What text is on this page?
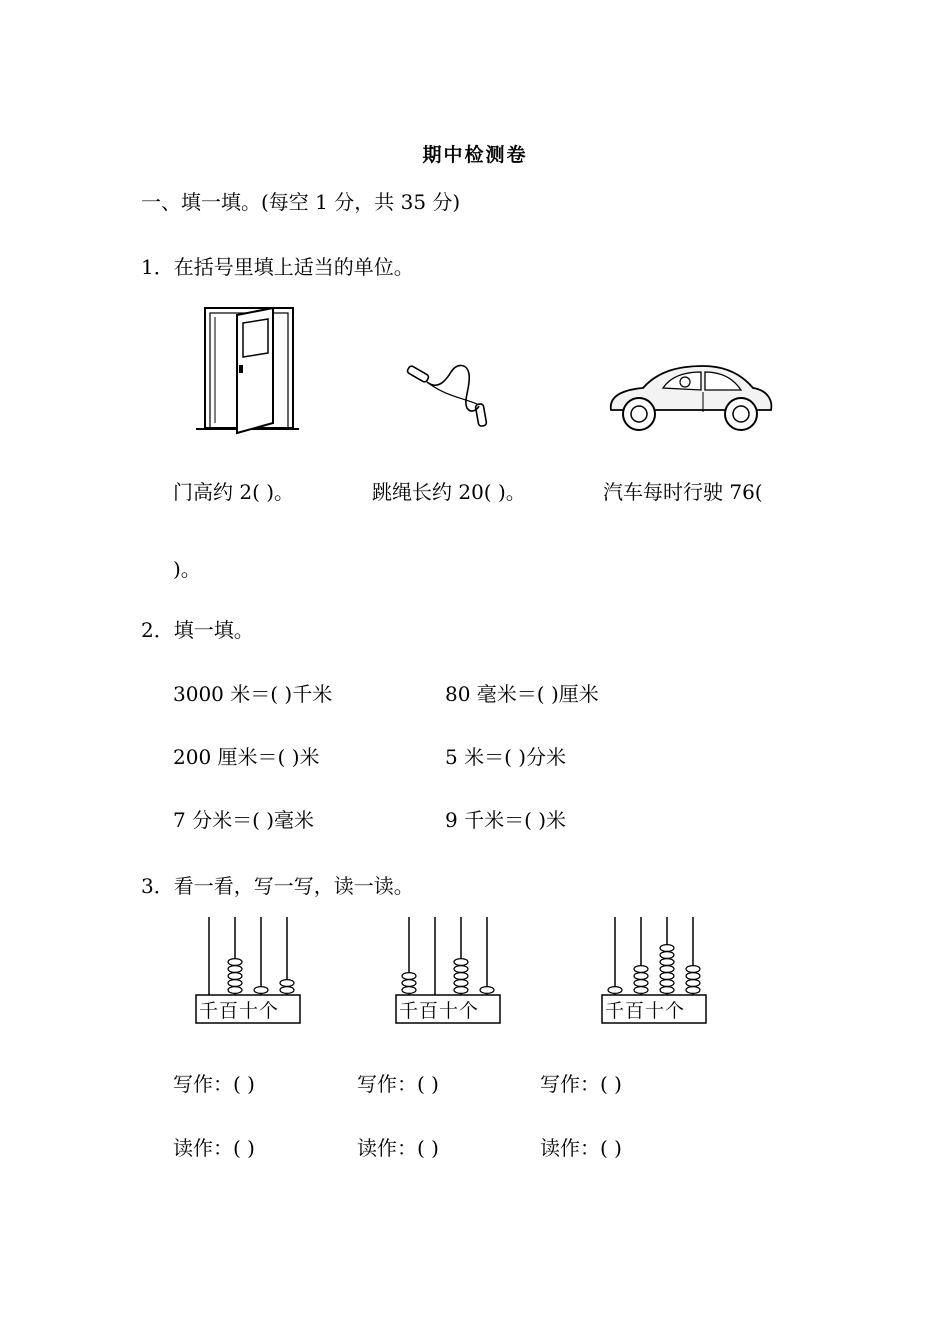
期中检测卷
一、填一填。(每空 1 分，共 35 分)
1．在括号里填上适当的单位。
门高约 2( )。	跳绳长约 20( )。	汽车每时行驶 76(
)。
2．填一填。
3000 米＝( )千米	80 毫米＝( )厘米
200 厘米＝( )米	5 米＝( )分米
7 分米＝( )毫米	9 千米＝( )米
3．看一看，写一写，读一读。
千百十个	千百十个	千百十个
写作：( )	写作：( )	写作：( )
读作：( )	读作：( )	读作：( )
